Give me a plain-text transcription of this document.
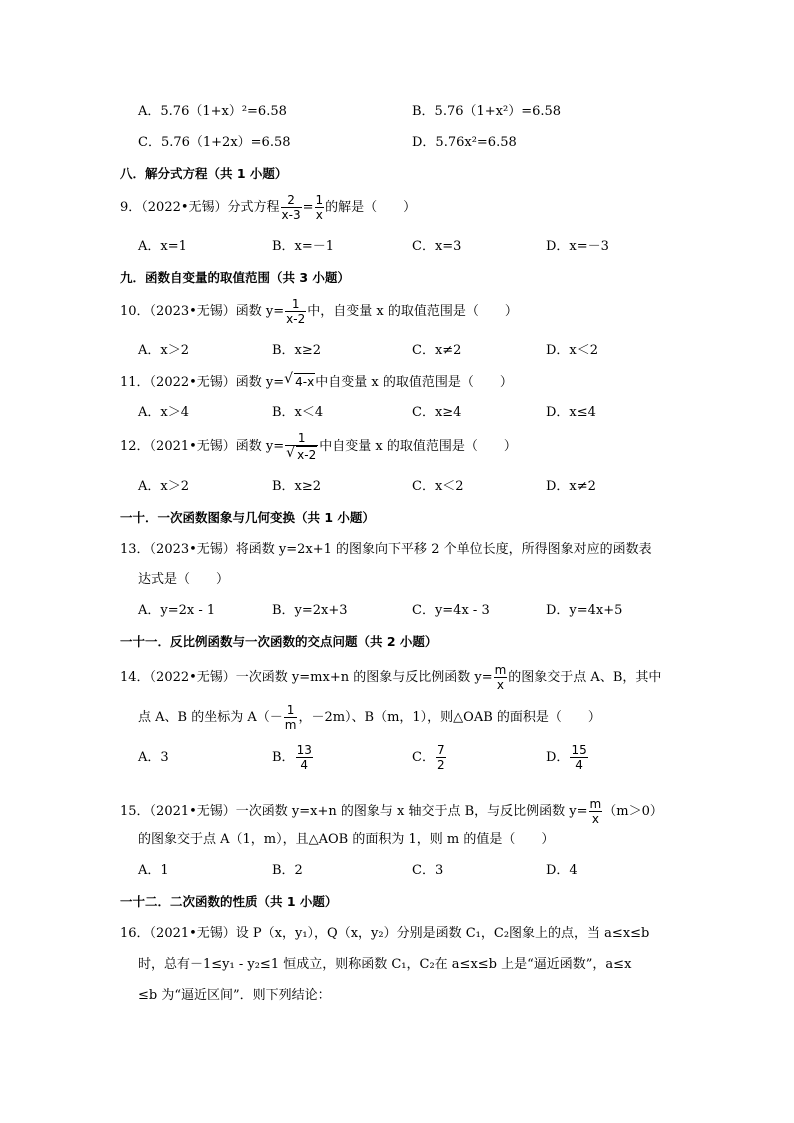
A．5.76（1+x）²=6.58	B．5.76（1+x²）=6.58
C．5.76（1+2x）=6.58	D．5.76x²=6.58
八．解分式方程（共 1 小题）
9．（2022•无锡）分式方程 $\frac{2}{x-3} = \frac{1}{x}$ 的解是（　　）
A．x=1	B．x=－1	C．x=3	D．x=－3
九．函数自变量的取值范围（共 3 小题）
10．（2023•无锡）函数 $y= \frac{1}{x-2}$ 中，自变量 x 的取值范围是（　　）
A．x＞2	B．x≥2	C．x≠2	D．x＜2
11．（2022•无锡）函数 y= √ 4-x中自变量 x 的取值范围是（　　）
A．x＞4	B．x＜4	C．x≥4	D．x≤4
12．（2021•无锡）函数 $y= \frac{1}{√ x-2}$ 中自变量 x 的取值范围是（　　）
A．x＞2	B．x≥2	C．x＜2	D．x≠2
一十．一次函数图象与几何变换（共 1 小题）
13．（2023•无锡）将函数 y=2x+1 的图象向下平移 2 个单位长度，所得图象对应的函数表
达式是（　　）
A．y=2x - 1	B．y=2x+3	C．y=4x - 3	D．y=4x+5
一十一．反比例函数与一次函数的交点问题（共 2 小题）
14．（2022•无锡）一次函数 y=mx+n 的图象与反比例函数 $y= \frac{m}{x}$ 的图象交于点 A、B，其中
点 A、B 的坐标为 $A(- \frac{1}{m}$ ，－2m）、B（m，1），则△OAB 的面积是（　　）
A．3	B． $\frac{13}{4}$	C． $\frac{7}{2}$	D． $\frac{15}{4}$
15．（2021•无锡）一次函数 y=x+n 的图象与 x 轴交于点 B，与反比例函数 $y= \frac{m}{x} (m>0)$
的图象交于点 A（1，m），且△AOB 的面积为 1，则 m 的值是（　　）
A．1	B．2	C．3	D．4
一十二．二次函数的性质（共 1 小题）
16．（2021•无锡）设 P（x，y₁），Q（x，y₂）分别是函数 C₁，C₂图象上的点，当 a≤x≤b
时，总有－1≤y₁ - y₂≤1 恒成立，则称函数 C₁，C₂在 a≤x≤b 上是“逼近函数”，a≤x
≤b 为“逼近区间”．则下列结论：
